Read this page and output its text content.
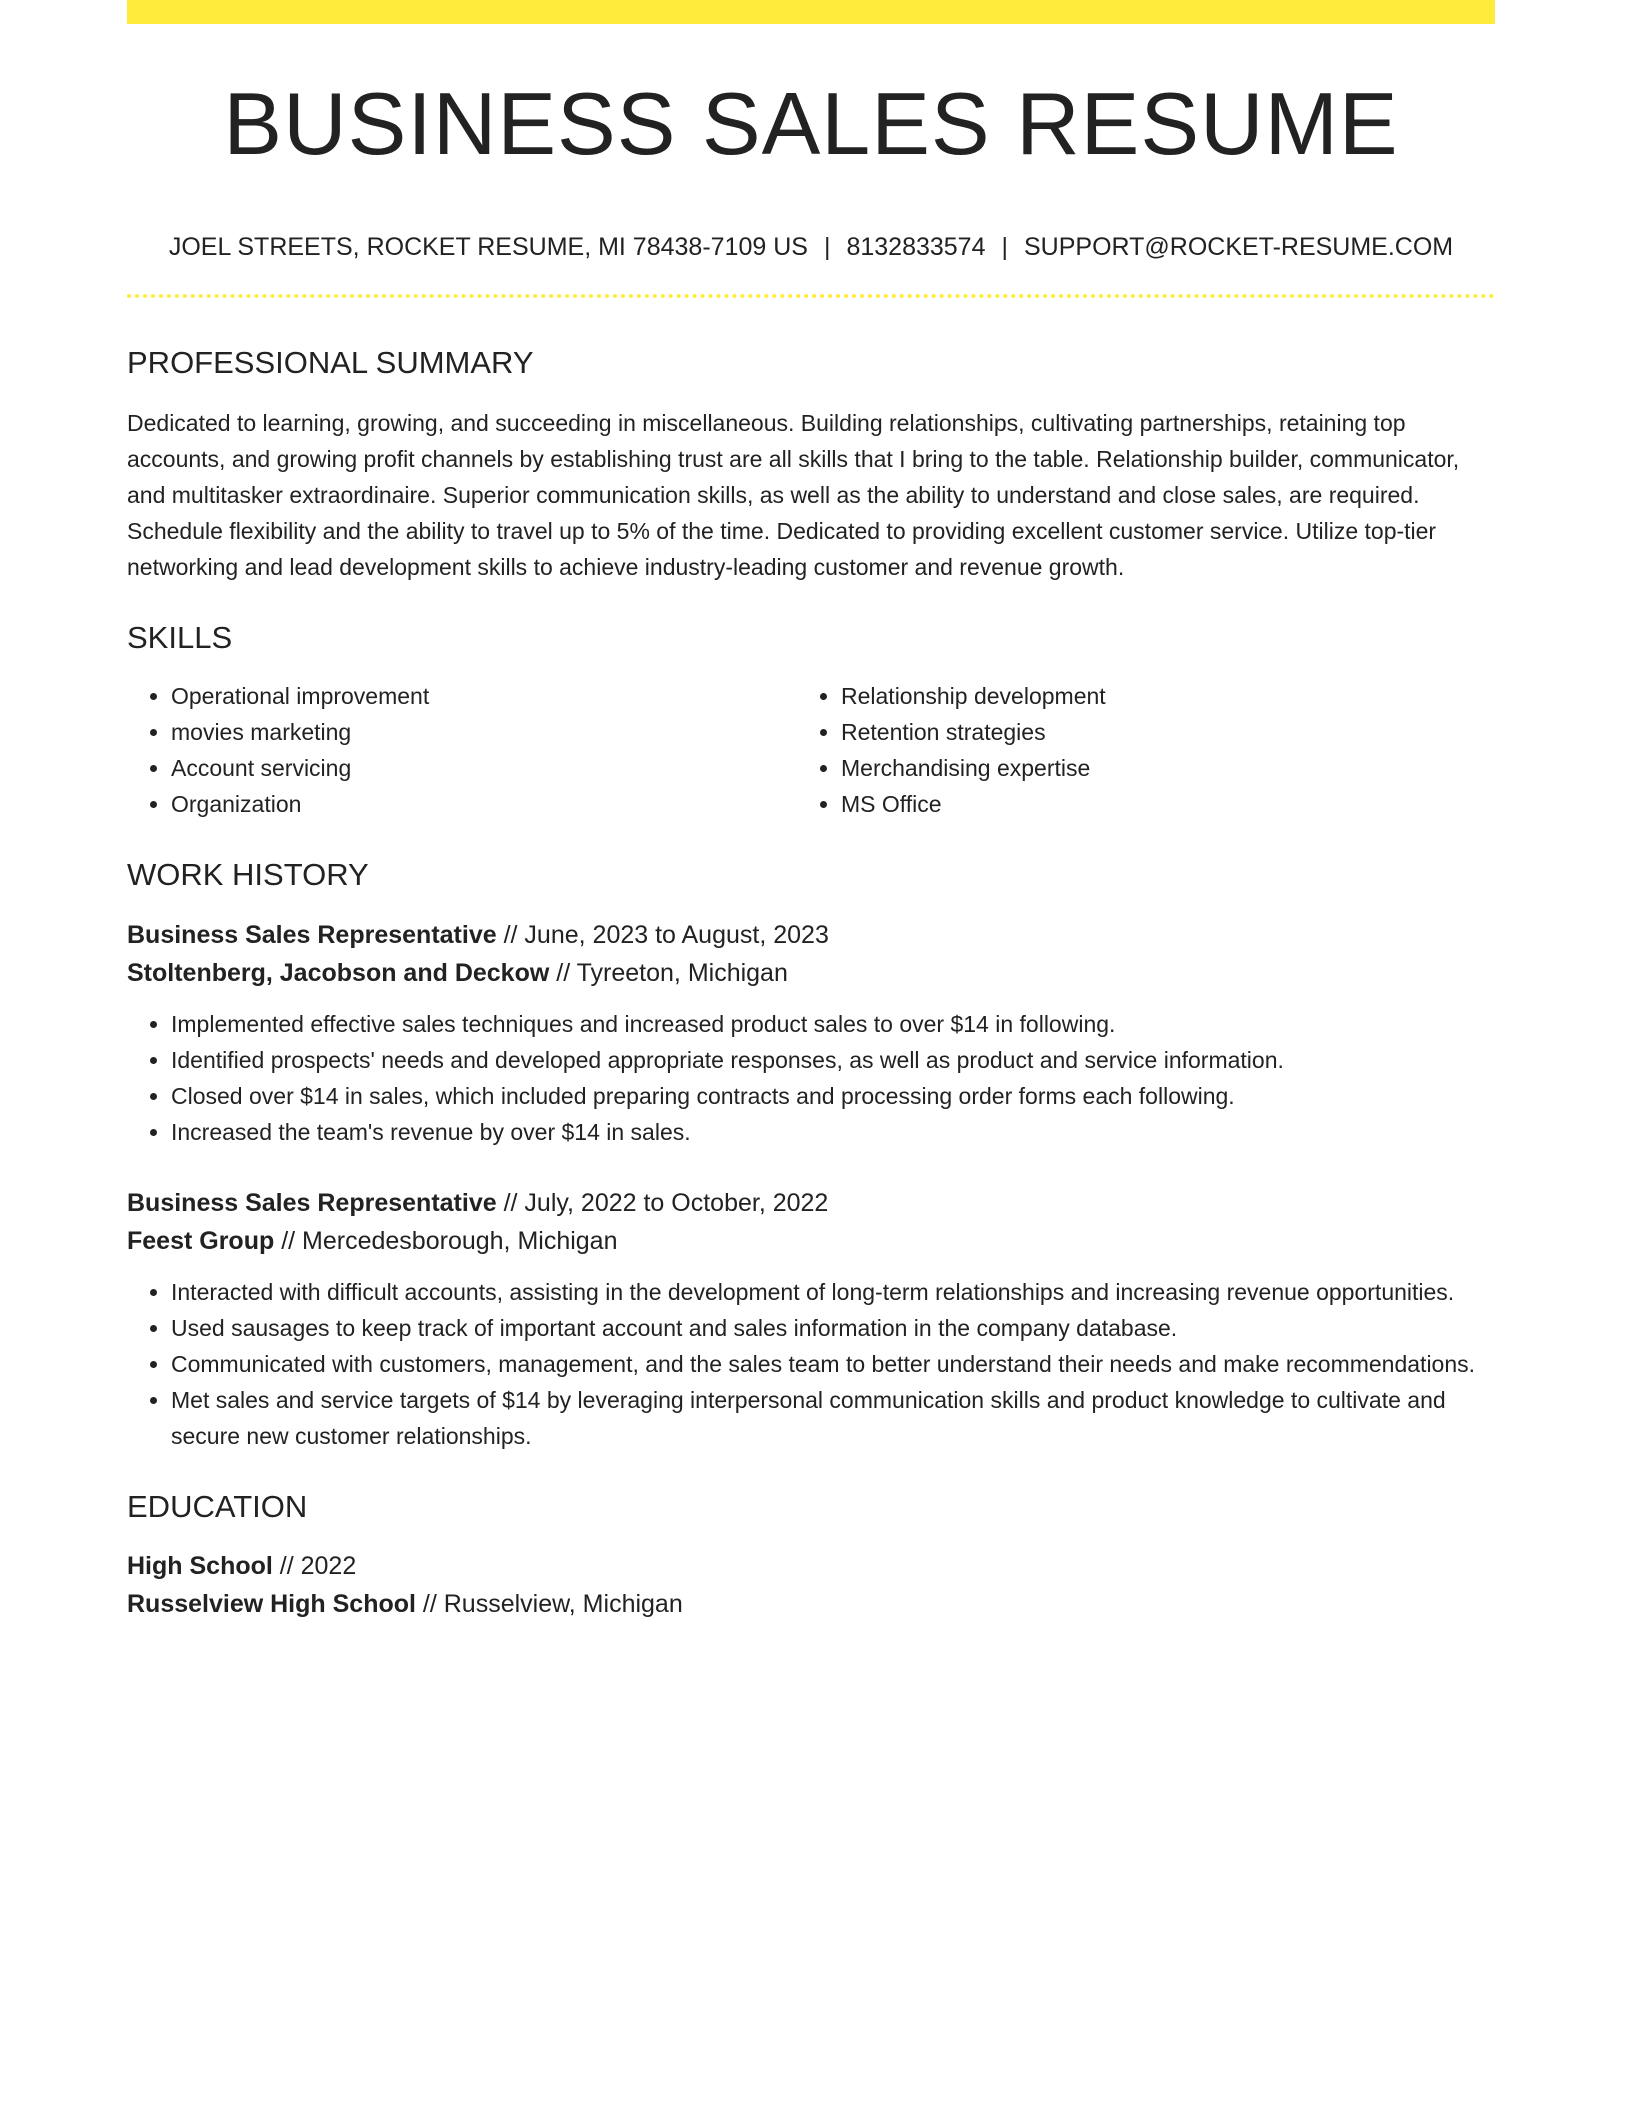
BUSINESS SALES RESUME
JOEL STREETS, ROCKET RESUME, MI 78438-7109 US | 8132833574 | SUPPORT@ROCKET-RESUME.COM
PROFESSIONAL SUMMARY
Dedicated to learning, growing, and succeeding in miscellaneous. Building relationships, cultivating partnerships, retaining top accounts, and growing profit channels by establishing trust are all skills that I bring to the table. Relationship builder, communicator, and multitasker extraordinaire. Superior communication skills, as well as the ability to understand and close sales, are required. Schedule flexibility and the ability to travel up to 5% of the time. Dedicated to providing excellent customer service. Utilize top-tier networking and lead development skills to achieve industry-leading customer and revenue growth.
SKILLS
• Operational improvement
• movies marketing
• Account servicing
• Organization
• Relationship development
• Retention strategies
• Merchandising expertise
• MS Office
WORK HISTORY
Business Sales Representative // June, 2023 to August, 2023
Stoltenberg, Jacobson and Deckow // Tyreeton, Michigan
• Implemented effective sales techniques and increased product sales to over $14 in following.
• Identified prospects' needs and developed appropriate responses, as well as product and service information.
• Closed over $14 in sales, which included preparing contracts and processing order forms each following.
• Increased the team's revenue by over $14 in sales.
Business Sales Representative // July, 2022 to October, 2022
Feest Group // Mercedesborough, Michigan
• Interacted with difficult accounts, assisting in the development of long-term relationships and increasing revenue opportunities.
• Used sausages to keep track of important account and sales information in the company database.
• Communicated with customers, management, and the sales team to better understand their needs and make recommendations.
• Met sales and service targets of $14 by leveraging interpersonal communication skills and product knowledge to cultivate and secure new customer relationships.
EDUCATION
High School // 2022
Russelview High School // Russelview, Michigan
